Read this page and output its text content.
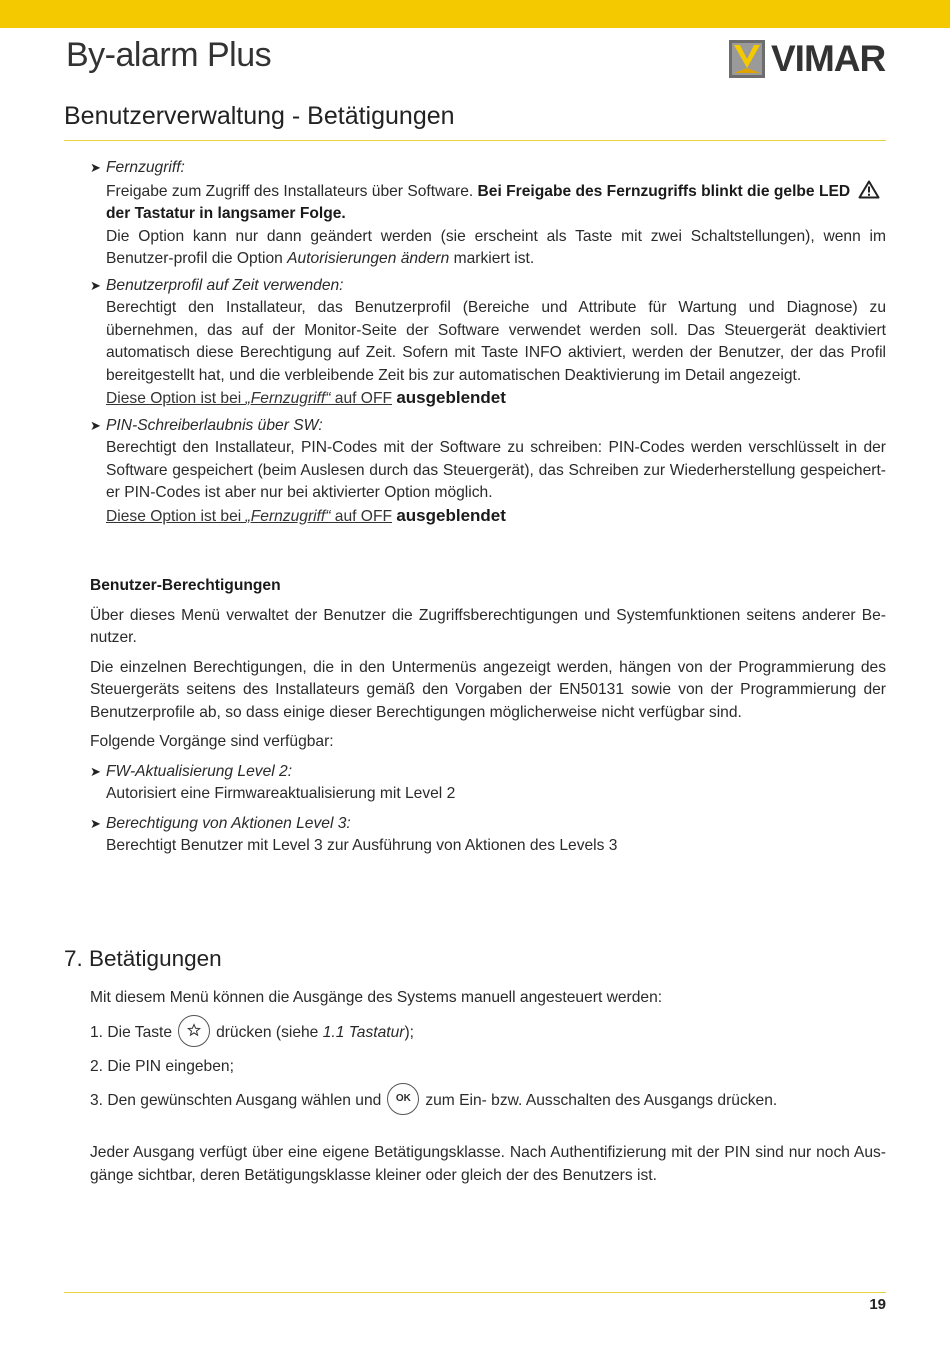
By-alarm Plus	VIMAR
Benutzerverwaltung - Betätigungen
➤ Fernzugriff:
Freigabe zum Zugriff des Installateurs über Software. Bei Freigabe des Fernzugriffs blinkt die gelbe LED
der Tastatur in langsamer Folge.
Die Option kann nur dann geändert werden (sie erscheint als Taste mit zwei Schaltstellungen), wenn im Benutzer-profil die Option Autorisierungen ändern markiert ist.
➤ Benutzerprofil auf Zeit verwenden:
Berechtigt den Installateur, das Benutzerprofil (Bereiche und Attribute für Wartung und Diagnose) zu übernehmen, das auf der Monitor-Seite der Software verwendet werden soll. Das Steuergerät deaktiviert automatisch diese Berechtigung auf Zeit. Sofern mit Taste INFO aktiviert, werden der Benutzer, der das Profil bereitgestellt hat, und die verbleibende Zeit bis zur automatischen Deaktivierung im Detail angezeigt.
Diese Option ist bei „Fernzugriff“ auf OFF ausgeblendet
➤ PIN-Schreiberlaubnis über SW:
Berechtigt den Installateur, PIN-Codes mit der Software zu schreiben: PIN-Codes werden verschlüsselt in der Software gespeichert (beim Auslesen durch das Steuergerät), das Schreiben zur Wiederherstellung gespeichert-er PIN-Codes ist aber nur bei aktivierter Option möglich.
Diese Option ist bei „Fernzugriff“ auf OFF ausgeblendet
Benutzer-Berechtigungen
Über dieses Menü verwaltet der Benutzer die Zugriffsberechtigungen und Systemfunktionen seitens anderer Be-nutzer.
Die einzelnen Berechtigungen, die in den Untermenüs angezeigt werden, hängen von der Programmierung des Steuergeräts seitens des Installateurs gemäß den Vorgaben der EN50131 sowie von der Programmierung der Benutzerprofile ab, so dass einige dieser Berechtigungen möglicherweise nicht verfügbar sind.
Folgende Vorgänge sind verfügbar:
➤ FW-Aktualisierung Level 2:
Autorisiert eine Firmwareaktualisierung mit Level 2
➤ Berechtigung von Aktionen Level 3:
Berechtigt Benutzer mit Level 3 zur Ausführung von Aktionen des Levels 3
7. Betätigungen
Mit diesem Menü können die Ausgänge des Systems manuell angesteuert werden:
1. Die Taste	drücken (siehe 1.1 Tastatur);
2. Die PIN eingeben;
3. Den gewünschten Ausgang wählen und OK zum Ein- bzw. Ausschalten des Ausgangs drücken.
Jeder Ausgang verfügt über eine eigene Betätigungsklasse. Nach Authentifizierung mit der PIN sind nur noch Aus-gänge sichtbar, deren Betätigungsklasse kleiner oder gleich der des Benutzers ist.
19
